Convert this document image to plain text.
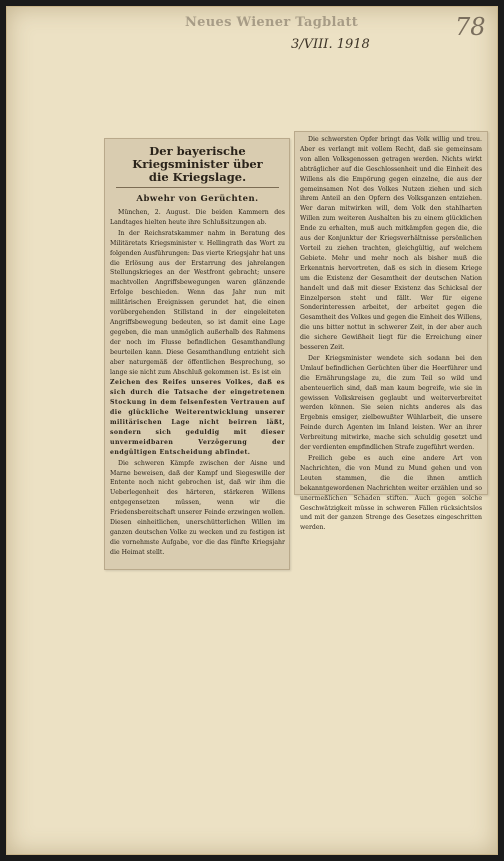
Neues Wiener Tagblatt
3/VIII. 1918
78
Der bayerische Kriegsminister über
die Kriegslage.
Abwehr von Gerüchten.

München, 2. August. Die beiden Kammern des Landtages hielten heute ihre Schlußsitzungen ab.

In der Reichsratskammer nahm in Beratung des Militäretats Kriegsminister v. Hellingrath das Wort zu folgenden Ausführungen: Das vierte Kriegsjahr hat uns die Erlösung aus der Erstarrung des jahrelangen Stellungskrieges an der Westfront gebracht; unsere machtvollen Angriffsbewegungen waren glänzende Erfolge beschieden. Wenn das Jahr nun mit militärischen Ereignissen gerundet hat, die einen vorübergehenden Stillstand in der eingeleiteten Angriffsbewegung bedeuten, so ist damit eine Lage gegeben, die man unmöglich außerhalb des Rahmens der noch im Flusse befindlichen Gesamthandlung beurteilen kann. Diese Gesamthandlung entzieht sich aber naturgemäß der öffentlichen Besprechung, so lange sie nicht zum Abschluß gekommen ist. Es ist ein

Zeichen des Reifes unseres Volkes, daß es sich durch die Tatsache der eingetretenen Stockung in dem felsenfesten Vertrauen auf die glückliche Weiterentwicklung unserer militärischen Lage nicht beirren läßt, sondern sich geduldig mit dieser unvermeidbaren Verzögerung der endgültigen Entscheidung abfindet.

Die schweren Kämpfe zwischen der Aisne und Marne beweisen, daß der Kampf und Siegeswille der Entente noch nicht gebrochen ist, daß wir ihm die Ueberlegenheit des härteren, stärkeren Willens entgegensetzen müssen, wenn wir die Friedensbereitschaft unserer Feinde erzwingen wollen. Diesen einheitlichen, unerschütterlichen Willen im ganzen deutschen Volke zu wecken und zu festigen ist die vornehmste Aufgabe, vor die das fünfte Kriegsjahr die Heimat stellt.

Die schwersten Opfer bringt das Volk willig und treu. Aber es verlangt mit vollem Recht, daß sie gemeinsam von allen Volksgenossen getragen werden. Nichts wirkt abträglicher auf die Geschlossenheit und die Einheit des Willens als die Empörung gegen einzelne, die aus der gemeinsamen Not des Volkes Nutzen ziehen und sich ihrem Anteil an den Opfern des Volksganzen entziehen. Wer daran mitwirken will, dem Volk den stahlharten Willen zum weiteren Aushalten bis zu einem glücklichen Ende zu erhalten, muß auch mitkämpfen gegen die, die aus der Konjunktur der Kriegsverhältnisse persönlichen Vorteil zu ziehen trachten, gleichgültig, auf welchem Gebiete. Mehr und mehr noch als bisher muß die Erkenntnis hervortreten, daß es sich in diesem Kriege um die Existenz der Gesamtheit der deutschen Nation handelt und daß mit dieser Existenz das Schicksal der Einzelperson steht und fällt. Wer für eigene Sonderinteressen arbeitet, der arbeitet gegen die Gesamtheit des Volkes und gegen die Einheit des Willens, die uns bitter nottut in schwerer Zeit, in der aber auch die sichere Gewißheit liegt für die Erreichung einer besseren Zeit.

Der Kriegsminister wendete sich sodann bei den Umlauf befindlichen Gerüchten über die Heerführer und die Ernährungslage zu, die zum Teil so wild und abenteuerlich sind, daß man kaum begreife, wie sie in gewissen Volkskreisen geglaubt und weiterverbreitet werden können. Sie seien nichts anderes als das Ergebnis emsiger, zielbewußter Wühlarbeit, die unsere Feinde durch Agenten im Inland leisten. Wer an ihrer Verbreitung mitwirke, mache sich schuldig gesetzt und der verdienten empfindlichen Strafe zugeführt werden.

Freilich gebe es auch eine andere Art von Nachrichten, die von Mund zu Mund gehen und von Leuten stammen, die die ihnen amtlich bekanntgewordenen Nachrichten weiter erzählen und so unermeßlichen Schaden stiften. Auch gegen solche Geschwätzigkeit müsse in schweren Fällen rücksichtslos und mit der ganzen Strenge des Gesetzes eingeschritten werden.
